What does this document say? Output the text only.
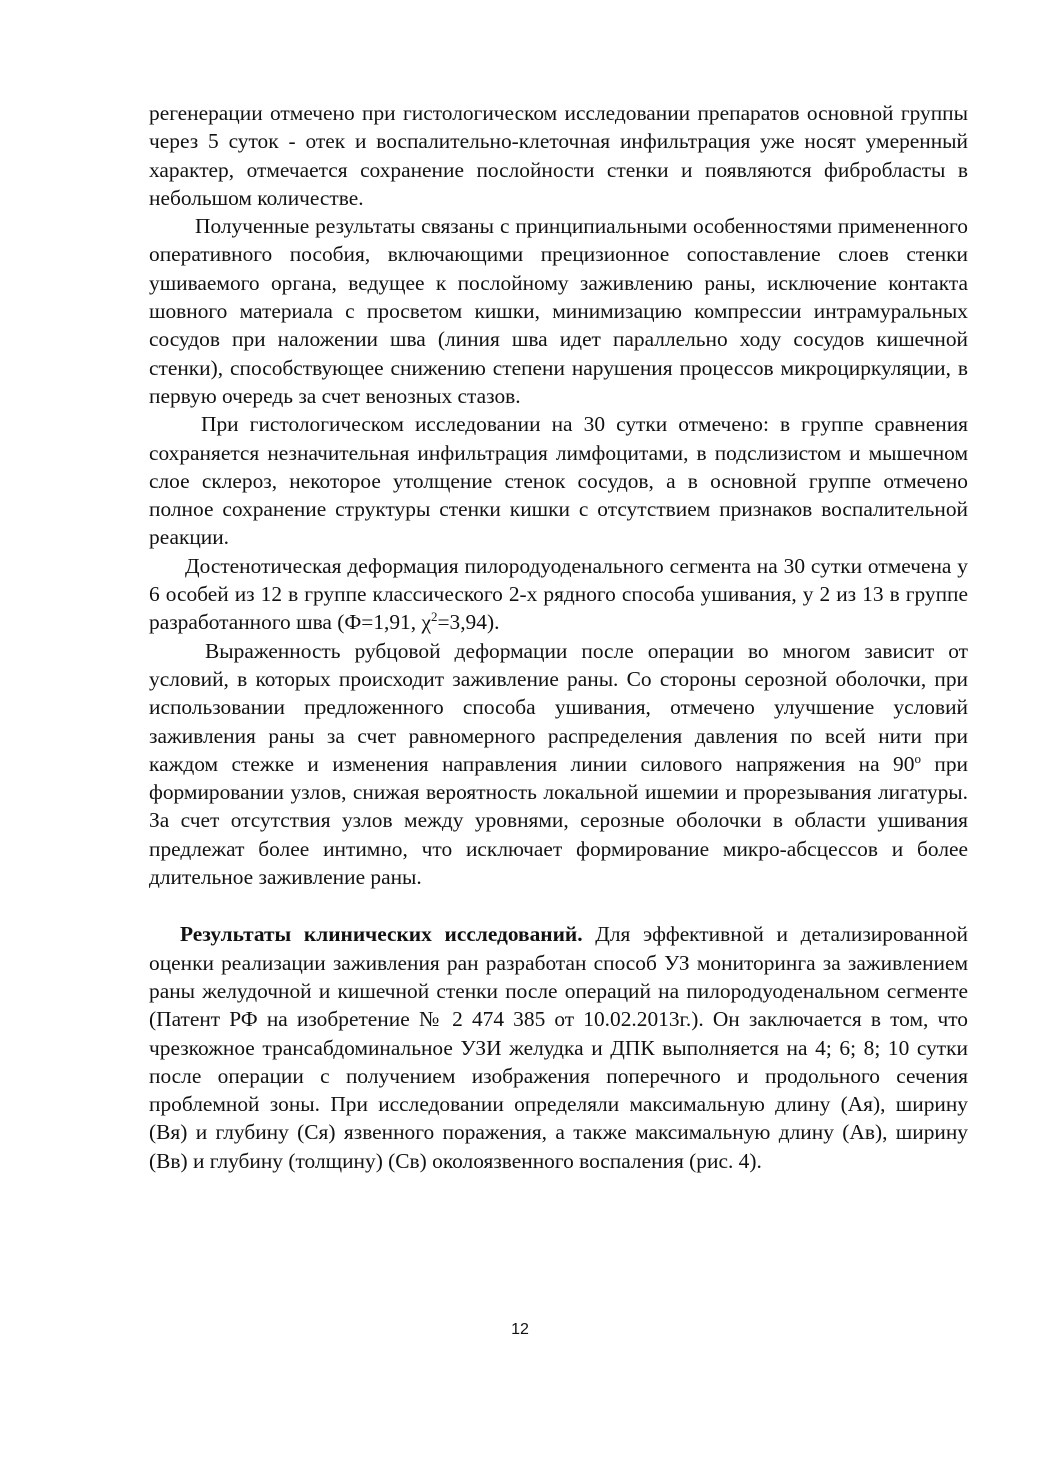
регенерации отмечено при гистологическом исследовании препаратов основной группы через 5 суток - отек и воспалительно-клеточная инфильтрация уже носят умеренный характер, отмечается сохранение послойности стенки и появляются фибробласты в небольшом количестве.

Полученные результаты связаны с принципиальными особенностями примененного оперативного пособия, включающими прецизионное сопоставление слоев стенки ушиваемого органа, ведущее к послойному заживлению раны, исключение контакта шовного материала с просветом кишки, минимизацию компрессии интрамуральных сосудов при наложении шва (линия шва идет параллельно ходу сосудов кишечной стенки), способствующее снижению степени нарушения процессов микроциркуляции, в первую очередь за счет венозных стазов.

При гистологическом исследовании на 30 сутки отмечено: в группе сравнения сохраняется незначительная инфильтрация лимфоцитами, в подслизистом и мышечном слое склероз, некоторое утолщение стенок сосудов, а в основной группе отмечено полное сохранение структуры стенки кишки с отсутствием признаков воспалительной реакции.

Достенотическая деформация пилородуоденального сегмента на 30 сутки отмечена у 6 особей из 12 в группе классического 2-х рядного способа ушивания, у 2 из 13 в группе разработанного шва (Ф=1,91, $\chi^2=3,94$).

Выраженность рубцовой деформации после операции во многом зависит от условий, в которых происходит заживление раны. Со стороны серозной оболочки, при использовании предложенного способа ушивания, отмечено улучшение условий заживления раны за счет равномерного распределения давления по всей нити при каждом стежке и изменения направления линии силового напряжения на $90^о$ при формировании узлов, снижая вероятность локальной ишемии и прорезывания лигатуры. За счет отсутствия узлов между уровнями, серозные оболочки в области ушивания предлежат более интимно, что исключает формирование микро-абсцессов и более длительное заживление раны.

Результаты клинических исследований. Для эффективной и детализированной оценки реализации заживления ран разработан способ УЗ мониторинга за заживлением раны желудочной и кишечной стенки после операций на пилородуоденальном сегменте (Патент РФ на изобретение № 2 474 385 от 10.02.2013г.). Он заключается в том, что чрезкожное трансабдоминальное УЗИ желудка и ДПК выполняется на 4; 6; 8; 10 сутки после операции с получением изображения поперечного и продольного сечения проблемной зоны. При исследовании определяли максимальную длину (Ая), ширину (Вя) и глубину (Ся) язвенного поражения, а также максимальную длину (Ав), ширину (Вв) и глубину (толщину) (Св) околоязвенного воспаления (рис. 4).

12
